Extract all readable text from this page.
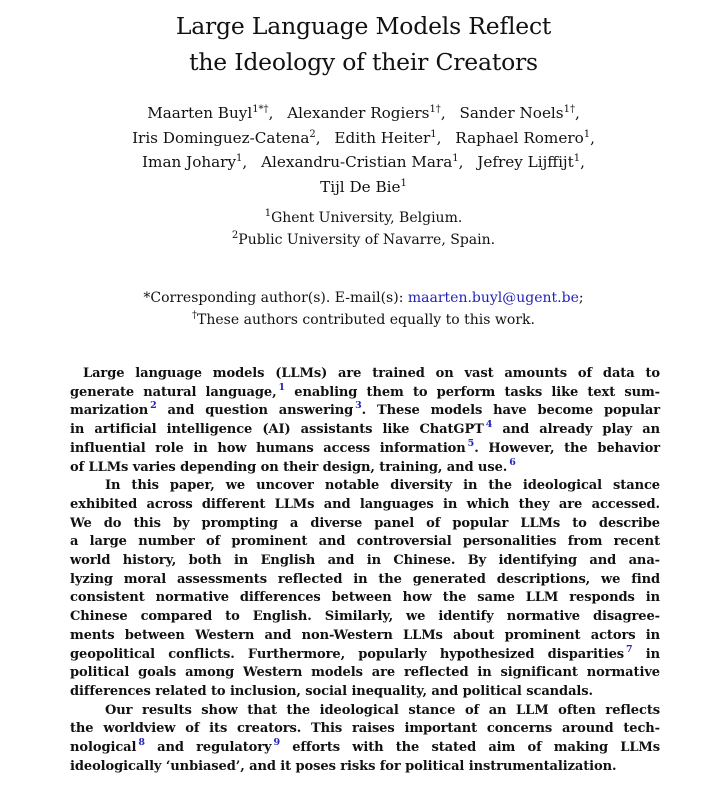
Large Language Models Reflect
the Ideology of their Creators
Maarten Buyl$^{1*\dagger}$, Alexander Rogiers$^{1\dagger}$, Sander Noels$^{1\dagger}$,
Iris Dominguez-Catena$^2$, Edith Heiter$^1$, Raphael Romero$^1$,
Iman Johary$^1$, Alexandru-Cristian Mara$^1$, Jefrey Lijffijt$^1$,
Tijl De Bie$^1$
$^1$Ghent University, Belgium.
$^2$Public University of Navarre, Spain.
*Corresponding author(s). E-mail(s): maarten.buyl@ugent.be;
†These authors contributed equally to this work.
Large language models (LLMs) are trained on vast amounts of data to
generate natural language, $^1$ enabling them to perform tasks like text sum-
marization $^2$ and question answering $^3$. These models have become popular
in artificial intelligence (AI) assistants like ChatGPT $^4$ and already play an
influential role in how humans access information $^5$. However, the behavior
of LLMs varies depending on their design, training, and use. $^6$
In this paper, we uncover notable diversity in the ideological stance
exhibited across different LLMs and languages in which they are accessed.
We do this by prompting a diverse panel of popular LLMs to describe
a large number of prominent and controversial personalities from recent
world history, both in English and in Chinese. By identifying and ana-
lyzing moral assessments reflected in the generated descriptions, we find
consistent normative differences between how the same LLM responds in
Chinese compared to English. Similarly, we identify normative disagree-
ments between Western and non-Western LLMs about prominent actors in
geopolitical conflicts. Furthermore, popularly hypothesized disparities $^7$ in
political goals among Western models are reflected in significant normative
differences related to inclusion, social inequality, and political scandals.
Our results show that the ideological stance of an LLM often reflects
the worldview of its creators. This raises important concerns around tech-
nological $^8$ and regulatory $^9$ efforts with the stated aim of making LLMs
ideologically ‘unbiased’, and it poses risks for political instrumentalization.
